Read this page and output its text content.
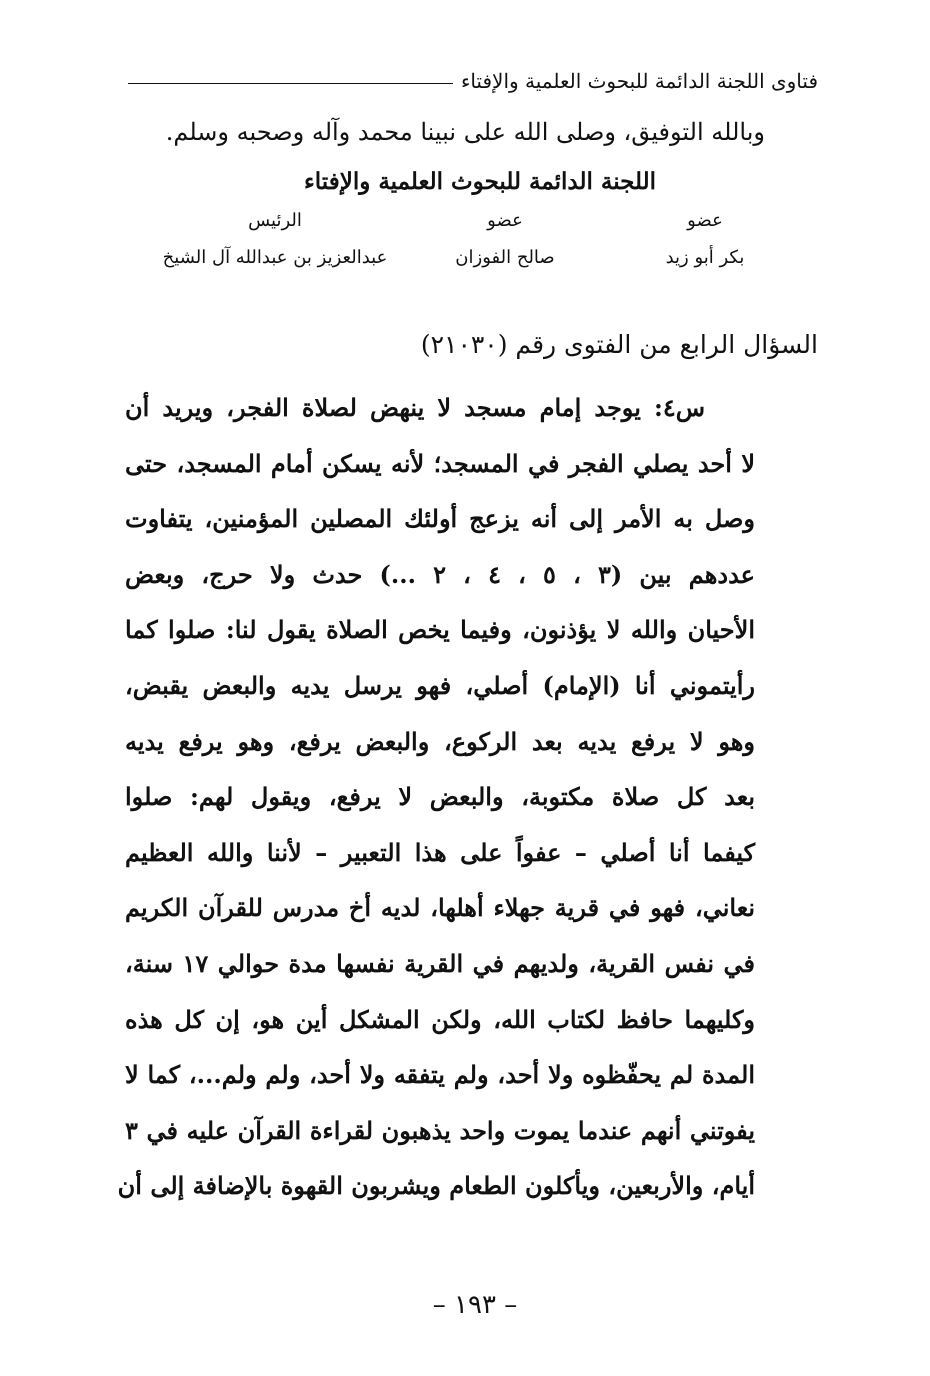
فتاوى اللجنة الدائمة للبحوث العلمية والإفتاء
وبالله التوفيق، وصلى الله على نبينا محمد وآله وصحبه وسلم.
اللجنة الدائمة للبحوث العلمية والإفتاء
عضو
بكر أبو زيد
عضو
صالح الفوزان
الرئيس
عبدالعزيز بن عبدالله آل الشيخ
السؤال الرابع من الفتوى رقم (٢١٠٣٠)
س٤: يوجد إمام مسجد لا ينهض لصلاة الفجر، ويريد أن
لا أحد يصلي الفجر في المسجد؛ لأنه يسكن أمام المسجد، حتى
وصل به الأمر إلى أنه يزعج أولئك المصلين المؤمنين، يتفاوت
عددهم بين (٣ ، ٥ ، ٤ ، ٢ ...) حدث ولا حرج، وبعض
الأحيان والله لا يؤذنون، وفيما يخص الصلاة يقول لنا: صلوا كما
رأيتموني أنا (الإمام) أصلي، فهو يرسل يديه والبعض يقبض،
وهو لا يرفع يديه بعد الركوع، والبعض يرفع، وهو يرفع يديه
بعد كل صلاة مكتوبة، والبعض لا يرفع، ويقول لهم: صلوا
كيفما أنا أصلي – عفواً على هذا التعبير – لأننا والله العظيم
نعاني، فهو في قرية جهلاء أهلها، لديه أخ مدرس للقرآن الكريم
في نفس القرية، ولديهم في القرية نفسها مدة حوالي ١٧ سنة،
وكليهما حافظ لكتاب الله، ولكن المشكل أين هو، إن كل هذه
المدة لم يحفّظوه ولا أحد، ولم يتفقه ولا أحد، ولم ولم...، كما لا
يفوتني أنهم عندما يموت واحد يذهبون لقراءة القرآن عليه في ٣
أيام، والأربعين، ويأكلون الطعام ويشربون القهوة بالإضافة إلى أن
– ١٩٣ –
